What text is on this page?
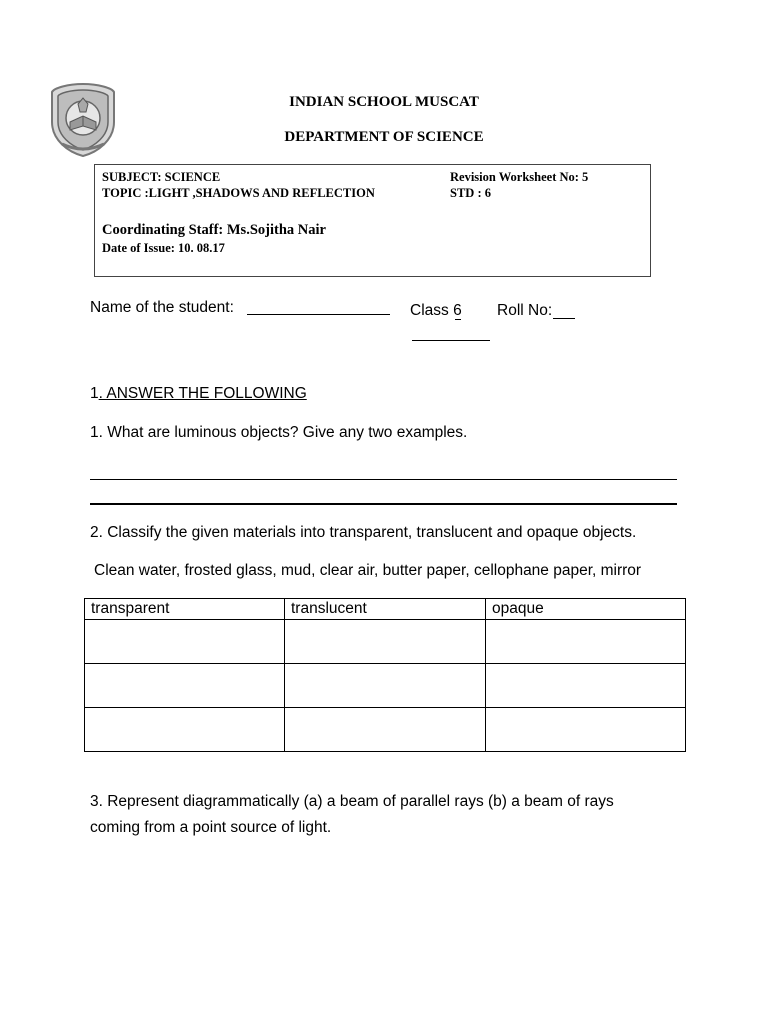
INDIAN SCHOOL MUSCAT
DEPARTMENT OF SCIENCE
SUBJECT: SCIENCE
TOPIC :LIGHT ,SHADOWS AND REFLECTION
Revision Worksheet No: 5
STD : 6
Coordinating Staff: Ms.Sojitha Nair
Date of Issue: 10. 08.17
Name of the student:	Class 6 Roll No:
1. ANSWER THE FOLLOWING
1. What are luminous objects? Give any two examples.
2. Classify the given materials into transparent, translucent and opaque objects.
Clean water, frosted glass, mud, clear air, butter paper, cellophane paper, mirror
transparent	translucent	opaque

3. Represent diagrammatically (a) a beam of parallel rays (b) a beam of rays
coming from a point source of light.
